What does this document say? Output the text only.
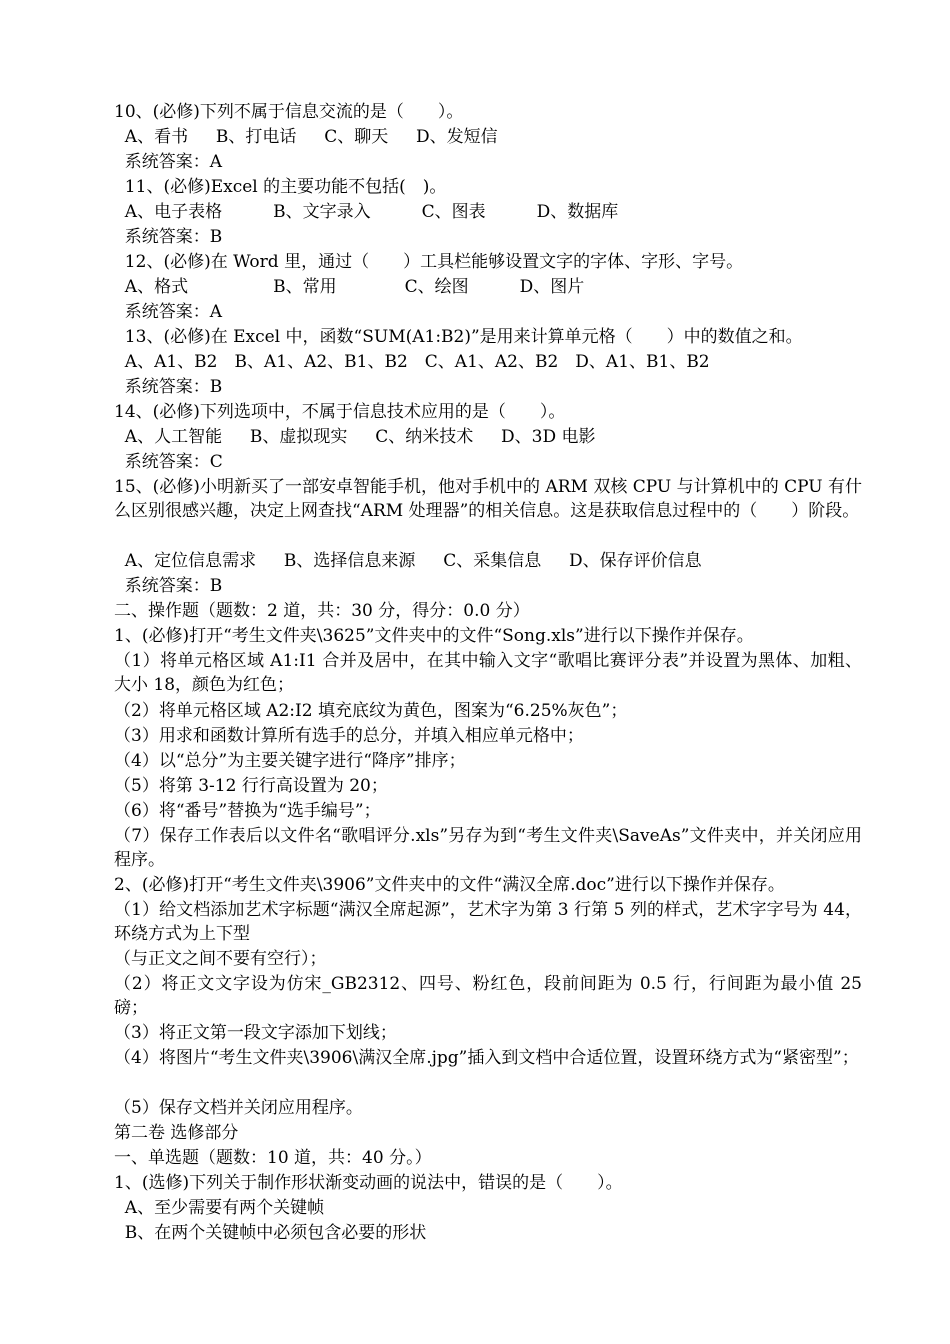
10、(必修)下列不属于信息交流的是（　　）。
A、看书　  B、打电话　  C、聊天　  D、发短信
系统答案：A
11、(必修)Excel 的主要功能不包括(　)。
A、电子表格　　　B、文字录入　　　C、图表　　　D、数据库
系统答案：B
12、(必修)在 Word 里，通过（　　）工具栏能够设置文字的字体、字形、字号。
A、格式　　　　　B、常用　　　　C、绘图　　　D、图片
系统答案：A
13、(必修)在 Excel 中，函数“SUM(A1:B2)”是用来计算单元格（　　）中的数值之和。
A、A1、B2　B、A1、A2、B1、B2　C、A1、A2、B2　D、A1、B1、B2
系统答案：B
14、(必修)下列选项中，不属于信息技术应用的是（　　）。
A、人工智能　  B、虚拟现实　  C、纳米技术　  D、3D 电影
系统答案：C
15、(必修)小明新买了一部安卓智能手机，他对手机中的 ARM 双核 CPU 与计算机中的 CPU 有什么区别很感兴趣，决定上网查找“ARM 处理器”的相关信息。这是获取信息过程中的（　　）阶段。
A、定位信息需求　  B、选择信息来源　  C、采集信息　  D、保存评价信息
系统答案：B
二、操作题（题数：2 道，共：30 分，得分：0.0 分）
1、(必修)打开“考生文件夹\3625”文件夹中的文件“Song.xls”进行以下操作并保存。
（1）将单元格区域 A1:I1 合并及居中，在其中输入文字“歌唱比赛评分表”并设置为黑体、加粗、大小 18，颜色为红色；
（2）将单元格区域 A2:I2 填充底纹为黄色，图案为“6.25%灰色”；
（3）用求和函数计算所有选手的总分，并填入相应单元格中；
（4）以“总分”为主要关键字进行“降序”排序；
（5）将第 3-12 行行高设置为 20；
（6）将“番号”替换为“选手编号”；
（7）保存工作表后以文件名“歌唱评分.xls”另存为到“考生文件夹\SaveAs”文件夹中，并关闭应用程序。
2、(必修)打开“考生文件夹\3906”文件夹中的文件“满汉全席.doc”进行以下操作并保存。
（1）给文档添加艺术字标题“满汉全席起源”，艺术字为第 3 行第 5 列的样式，艺术字字号为 44，环绕方式为上下型
（与正文之间不要有空行）；
（2）将正文文字设为仿宋_GB2312、四号、粉红色，段前间距为 0.5 行，行间距为最小值 25 磅；
（3）将正文第一段文字添加下划线；
（4）将图片“考生文件夹\3906\满汉全席.jpg”插入到文档中合适位置，设置环绕方式为“紧密型”；
（5）保存文档并关闭应用程序。
第二卷 选修部分
一、单选题（题数：10 道，共：40 分。）
1、(选修)下列关于制作形状渐变动画的说法中，错误的是（　　）。
A、至少需要有两个关键帧
B、在两个关键帧中必须包含必要的形状
